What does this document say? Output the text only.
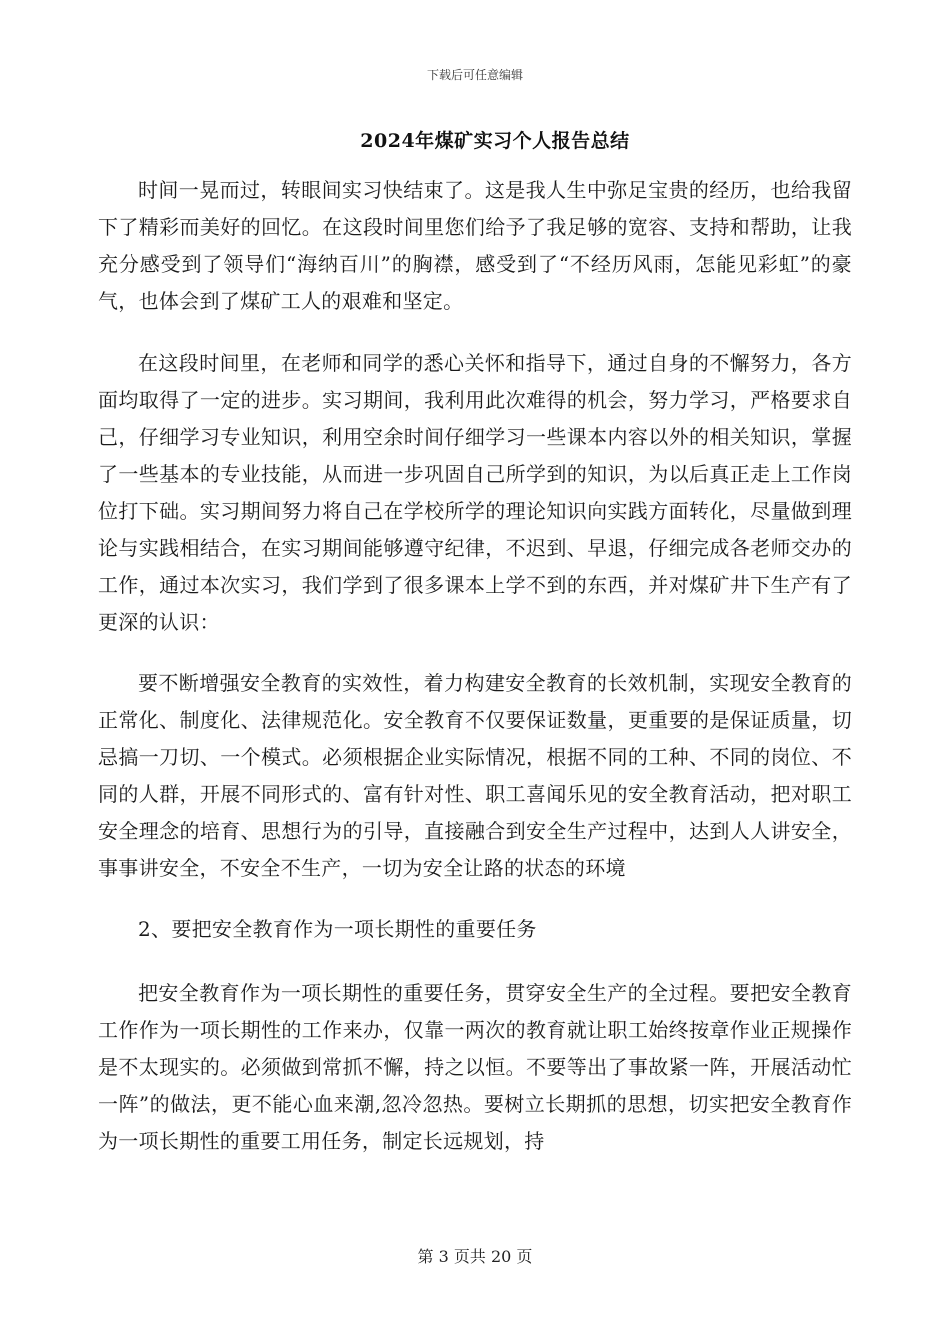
下载后可任意编辑
2024年煤矿实习个人报告总结

时间一晃而过，转眼间实习快结束了。这是我人生中弥足宝贵的经历，也给我留下了精彩而美好的回忆。在这段时间里您们给予了我足够的宽容、支持和帮助，让我充分感受到了领导们“海纳百川”的胸襟，感受到了“不经历风雨，怎能见彩虹”的豪气，也体会到了煤矿工人的艰难和坚定。

在这段时间里，在老师和同学的悉心关怀和指导下，通过自身的不懈努力，各方面均取得了一定的进步。实习期间，我利用此次难得的机会，努力学习，严格要求自己，仔细学习专业知识，利用空余时间仔细学习一些课本内容以外的相关知识，掌握了一些基本的专业技能，从而进一步巩固自己所学到的知识，为以后真正走上工作岗位打下础。实习期间努力将自己在学校所学的理论知识向实践方面转化，尽量做到理论与实践相结合，在实习期间能够遵守纪律，不迟到、早退，仔细完成各老师交办的工作，通过本次实习，我们学到了很多课本上学不到的东西，并对煤矿井下生产有了更深的认识：

要不断增强安全教育的实效性，着力构建安全教育的长效机制，实现安全教育的正常化、制度化、法律规范化。安全教育不仅要保证数量，更重要的是保证质量，切忌搞一刀切、一个模式。必须根据企业实际情况，根据不同的工种、不同的岗位、不同的人群，开展不同形式的、富有针对性、职工喜闻乐见的安全教育活动，把对职工安全理念的培育、思想行为的引导，直接融合到安全生产过程中，达到人人讲安全，事事讲安全，不安全不生产，一切为安全让路的状态的环境

2、要把安全教育作为一项长期性的重要任务

把安全教育作为一项长期性的重要任务，贯穿安全生产的全过程。要把安全教育工作作为一项长期性的工作来办，仅靠一两次的教育就让职工始终按章作业正规操作是不太现实的。必须做到常抓不懈，持之以恒。不要等出了事故紧一阵，开展活动忙一阵”的做法，更不能心血来潮,忽冷忽热。要树立长期抓的思想，切实把安全教育作为一项长期性的重要工用任务，制定长远规划，持

第 3 页共 20 页
